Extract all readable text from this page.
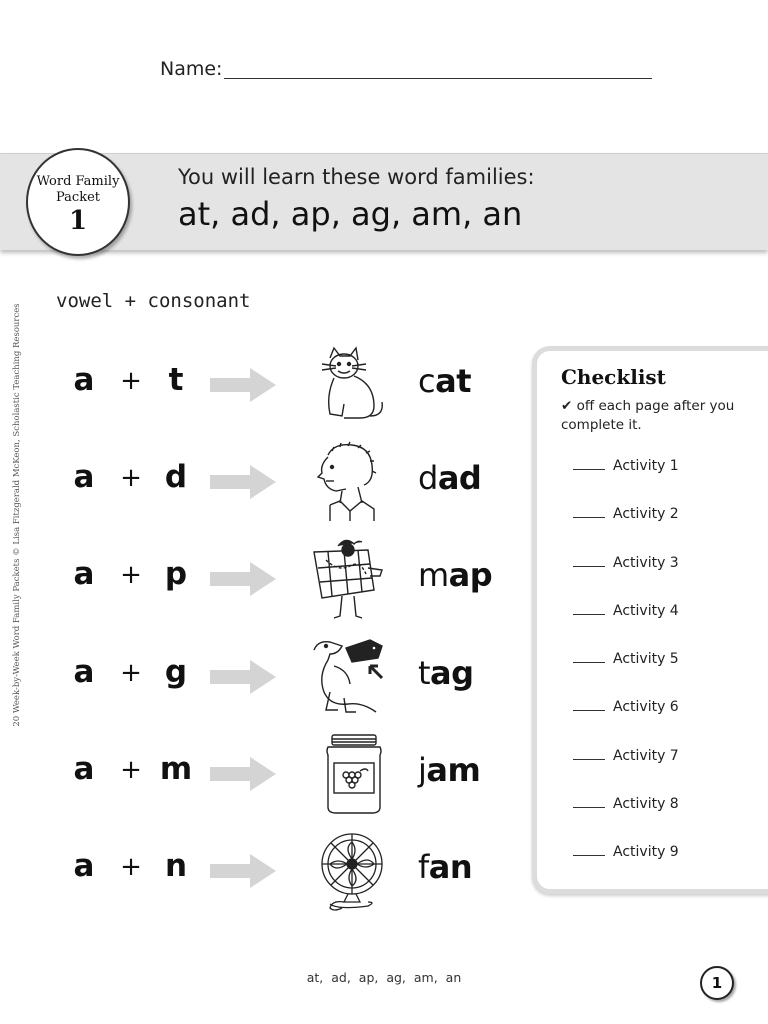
Name:
Word Family
Packet
1
You will learn these word families:
at, ad, ap, ag, am, an
20 Week-by-Week Word Family Packets © Lisa Fitzgerald McKeon, Scholastic Teaching Resources
vowel + consonant
a + t	cat
a + d	dad
a + p	map
a + g	tag
a + m	jam
a + n	fan
Checklist
✔ off each page after you complete it.
Activity 1
Activity 2
Activity 3
Activity 4
Activity 5
Activity 6
Activity 7
Activity 8
Activity 9
at, ad, ap, ag, am, an	1
